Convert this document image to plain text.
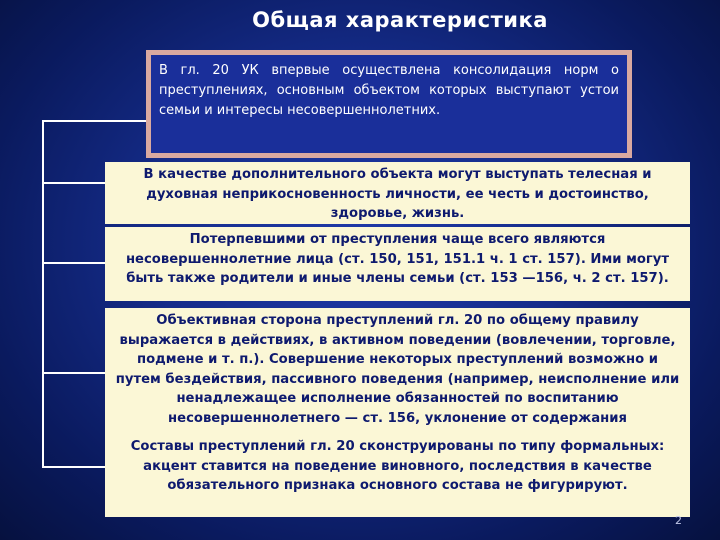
Общая характеристика
В гл. 20 УК впервые осуществлена консолидация норм о преступлениях, основным объектом которых выступают устои семьи и интересы несовершеннолетних.
В качестве дополнительного объекта могут выступать телесная и духовная неприкосновенность личности, ее честь и достоинство, здоровье, жизнь.
Потерпевшими от преступления чаще всего являются несовершеннолетние лица (ст. 150, 151, 151.1 ч. 1 ст. 157). Ими могут быть также родители и иные члены семьи (ст. 153 —156, ч. 2 ст. 157).
Объективная сторона преступлений гл. 20 по общему правилу выражается в действиях, в активном поведении (вовлечении, торговле, подмене и т. п.). Совершение некоторых преступлений возможно и путем бездействия, пассивного поведения (например, неисполнение или ненадлежащее исполнение обязанностей по воспитанию несовершеннолетнего — ст. 156, уклонение от содержания
Составы преступлений гл. 20 сконструированы по типу формальных: акцент ставится на поведение виновного, последствия в качестве обязательного признака основного состава не фигурируют.
2
